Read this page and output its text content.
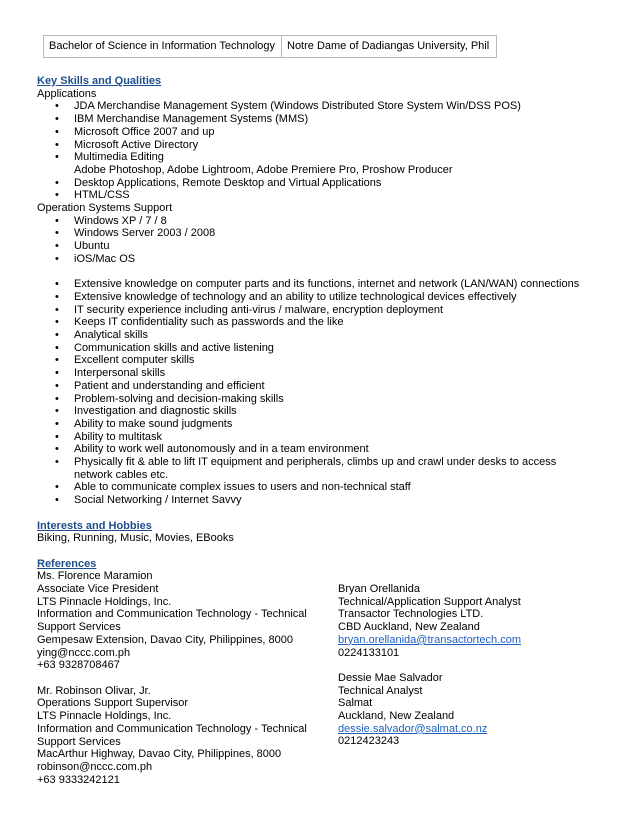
Bachelor of Science in Information Technology	Notre Dame of Dadiangas University, Phil
Key Skills and Qualities
Applications
• JDA Merchandise Management System (Windows Distributed Store System Win/DSS POS)
• IBM Merchandise Management Systems (MMS)
• Microsoft Office 2007 and up
• Microsoft Active Directory
• Multimedia Editing
Adobe Photoshop, Adobe Lightroom, Adobe Premiere Pro, Proshow Producer
• Desktop Applications, Remote Desktop and Virtual Applications
• HTML/CSS
Operation Systems Support
• Windows XP / 7 / 8
• Windows Server 2003 / 2008
• Ubuntu
• iOS/Mac OS
• Extensive knowledge on computer parts and its functions, internet and network (LAN/WAN) connections
• Extensive knowledge of technology and an ability to utilize technological devices effectively
• IT security experience including anti-virus / malware, encryption deployment
• Keeps IT confidentiality such as passwords and the like
• Analytical skills
• Communication skills and active listening
• Excellent computer skills
• Interpersonal skills
• Patient and understanding and efficient
• Problem-solving and decision-making skills
• Investigation and diagnostic skills
• Ability to make sound judgments
• Ability to multitask
• Ability to work well autonomously and in a team environment
• Physically fit & able to lift IT equipment and peripherals, climbs up and crawl under desks to access network cables etc.
• Able to communicate complex issues to users and non-technical staff
• Social Networking / Internet Savvy
Interests and Hobbies
Biking, Running, Music, Movies, EBooks
References
Ms. Florence Maramion
Associate Vice President
LTS Pinnacle Holdings, Inc.
Information and Communication Technology - Technical
Support Services
Gempesaw Extension, Davao City, Philippines, 8000
ying@nccc.com.ph
+63 9328708467
Mr. Robinson Olivar, Jr.
Operations Support Supervisor
LTS Pinnacle Holdings, Inc.
Information and Communication Technology - Technical
Support Services
MacArthur Highway, Davao City, Philippines, 8000
robinson@nccc.com.ph
+63 9333242121
Bryan Orellanida
Technical/Application Support Analyst
Transactor Technologies LTD.
CBD Auckland, New Zealand
bryan.orellanida@transactortech.com
0224133101
Dessie Mae Salvador
Technical Analyst
Salmat
Auckland, New Zealand
dessie.salvador@salmat.co.nz
0212423243
